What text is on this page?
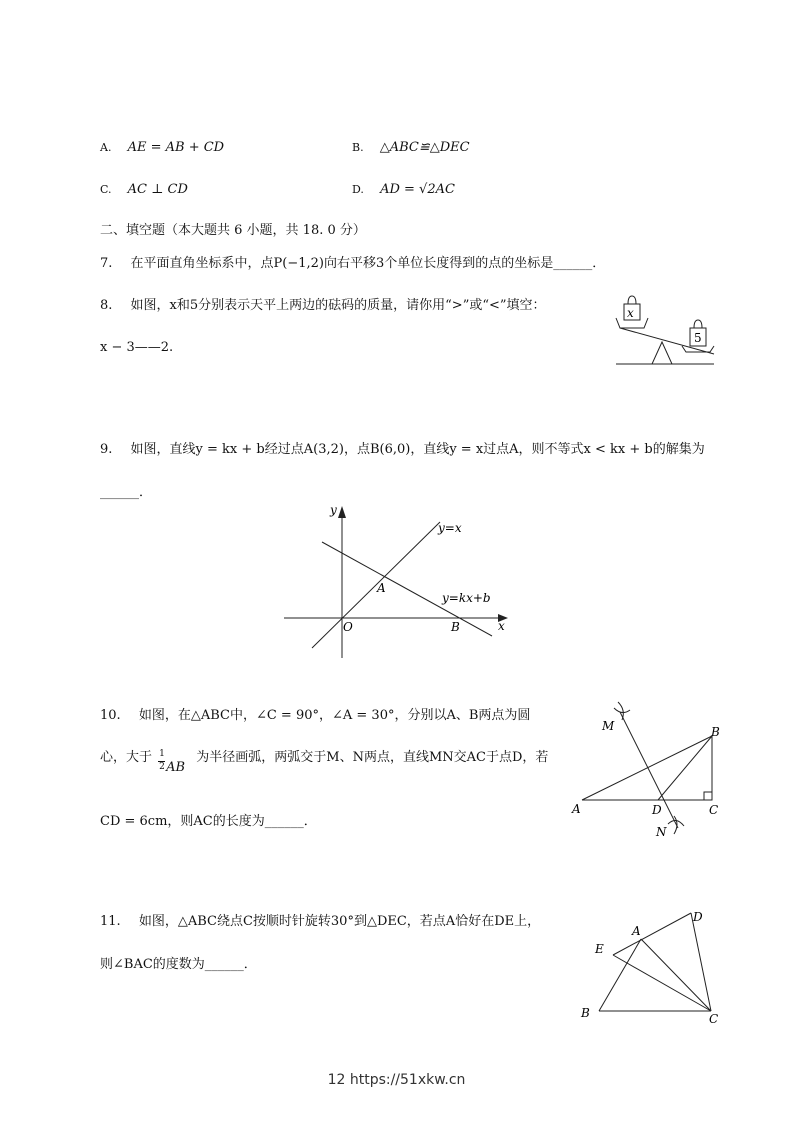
A. AE = AB + CD	B. △ABC≌△DEC
C. AC ⊥ CD	D. AD = √2AC
二、填空题（本大题共 6 小题，共 18. 0 分）
7. 在平面直角坐标系中，点P(−1,2)向右平移3个单位长度得到的点的坐标是______．
8. 如图，x和5分别表示天平上两边的砝码的质量，请你用“>”或“<”填空：
x − 3——2.
x
5
9. 如图，直线y = kx + b经过点A(3,2)，点B(6,0)，直线y = x过点A，则不等式x < kx + b的解集为
______．
y
x
O
A
B
y=x
y=kx+b
10. 如图，在△ABC中，∠C = 90°，∠A = 30°，分别以A、B两点为圆
心，大于 1
2 AB
为半径画弧，两弧交于M、N两点，直线MN交AC于点D，若
CD = 6cm，则AC的长度为______．
M
N
A
B
C
D
11. 如图，△ABC绕点C按顺时针旋转30°到△DEC，若点A恰好在DE上，
则∠BAC的度数为______．
A
B	C
D
E
12 https://51xkw.cn
